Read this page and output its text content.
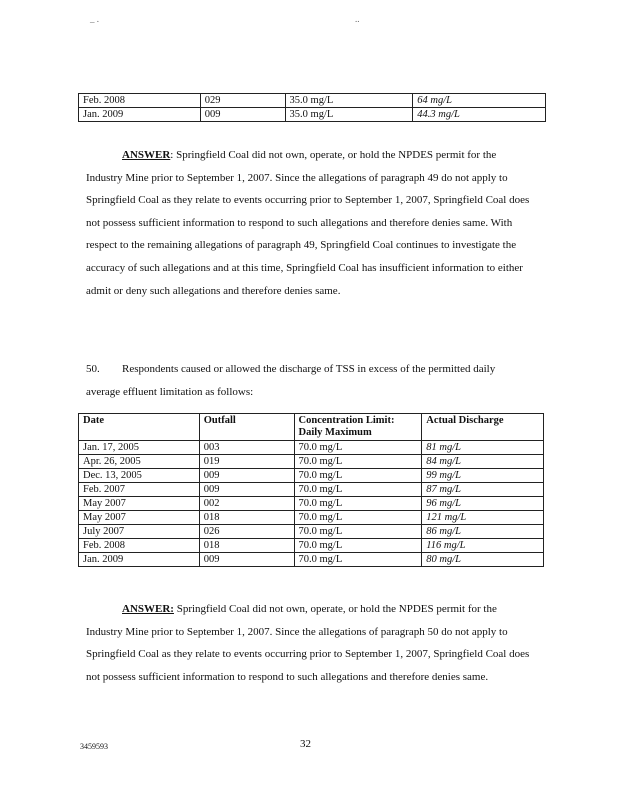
_ .	..
Feb. 2008	029	35.0 mg/L	64 mg/L
Jan. 2009	009	35.0 mg/L	44.3 mg/L

ANSWER: Springfield Coal did not own, operate, or hold the NPDES permit for the Industry Mine prior to September 1, 2007. Since the allegations of paragraph 49 do not apply to Springfield Coal as they relate to events occurring prior to September 1, 2007, Springfield Coal does not possess sufficient information to respond to such allegations and therefore denies same. With respect to the remaining allegations of paragraph 49, Springfield Coal continues to investigate the accuracy of such allegations and at this time, Springfield Coal has insufficient information to either admit or deny such allegations and therefore denies same.

50. Respondents caused or allowed the discharge of TSS in excess of the permitted daily average effluent limitation as follows:

Date	Outfall	Concentration Limit: Daily Maximum	Actual Discharge
Jan. 17, 2005	003	70.0 mg/L	81 mg/L
Apr. 26, 2005	019	70.0 mg/L	84 mg/L
Dec. 13, 2005	009	70.0 mg/L	99 mg/L
Feb. 2007	009	70.0 mg/L	87 mg/L
May 2007	002	70.0 mg/L	96 mg/L
May 2007	018	70.0 mg/L	121 mg/L
July 2007	026	70.0 mg/L	86 mg/L
Feb. 2008	018	70.0 mg/L	116 mg/L
Jan. 2009	009	70.0 mg/L	80 mg/L

ANSWER: Springfield Coal did not own, operate, or hold the NPDES permit for the Industry Mine prior to September 1, 2007. Since the allegations of paragraph 50 do not apply to Springfield Coal as they relate to events occurring prior to September 1, 2007, Springfield Coal does not possess sufficient information to respond to such allegations and therefore denies same.

3459593	32
